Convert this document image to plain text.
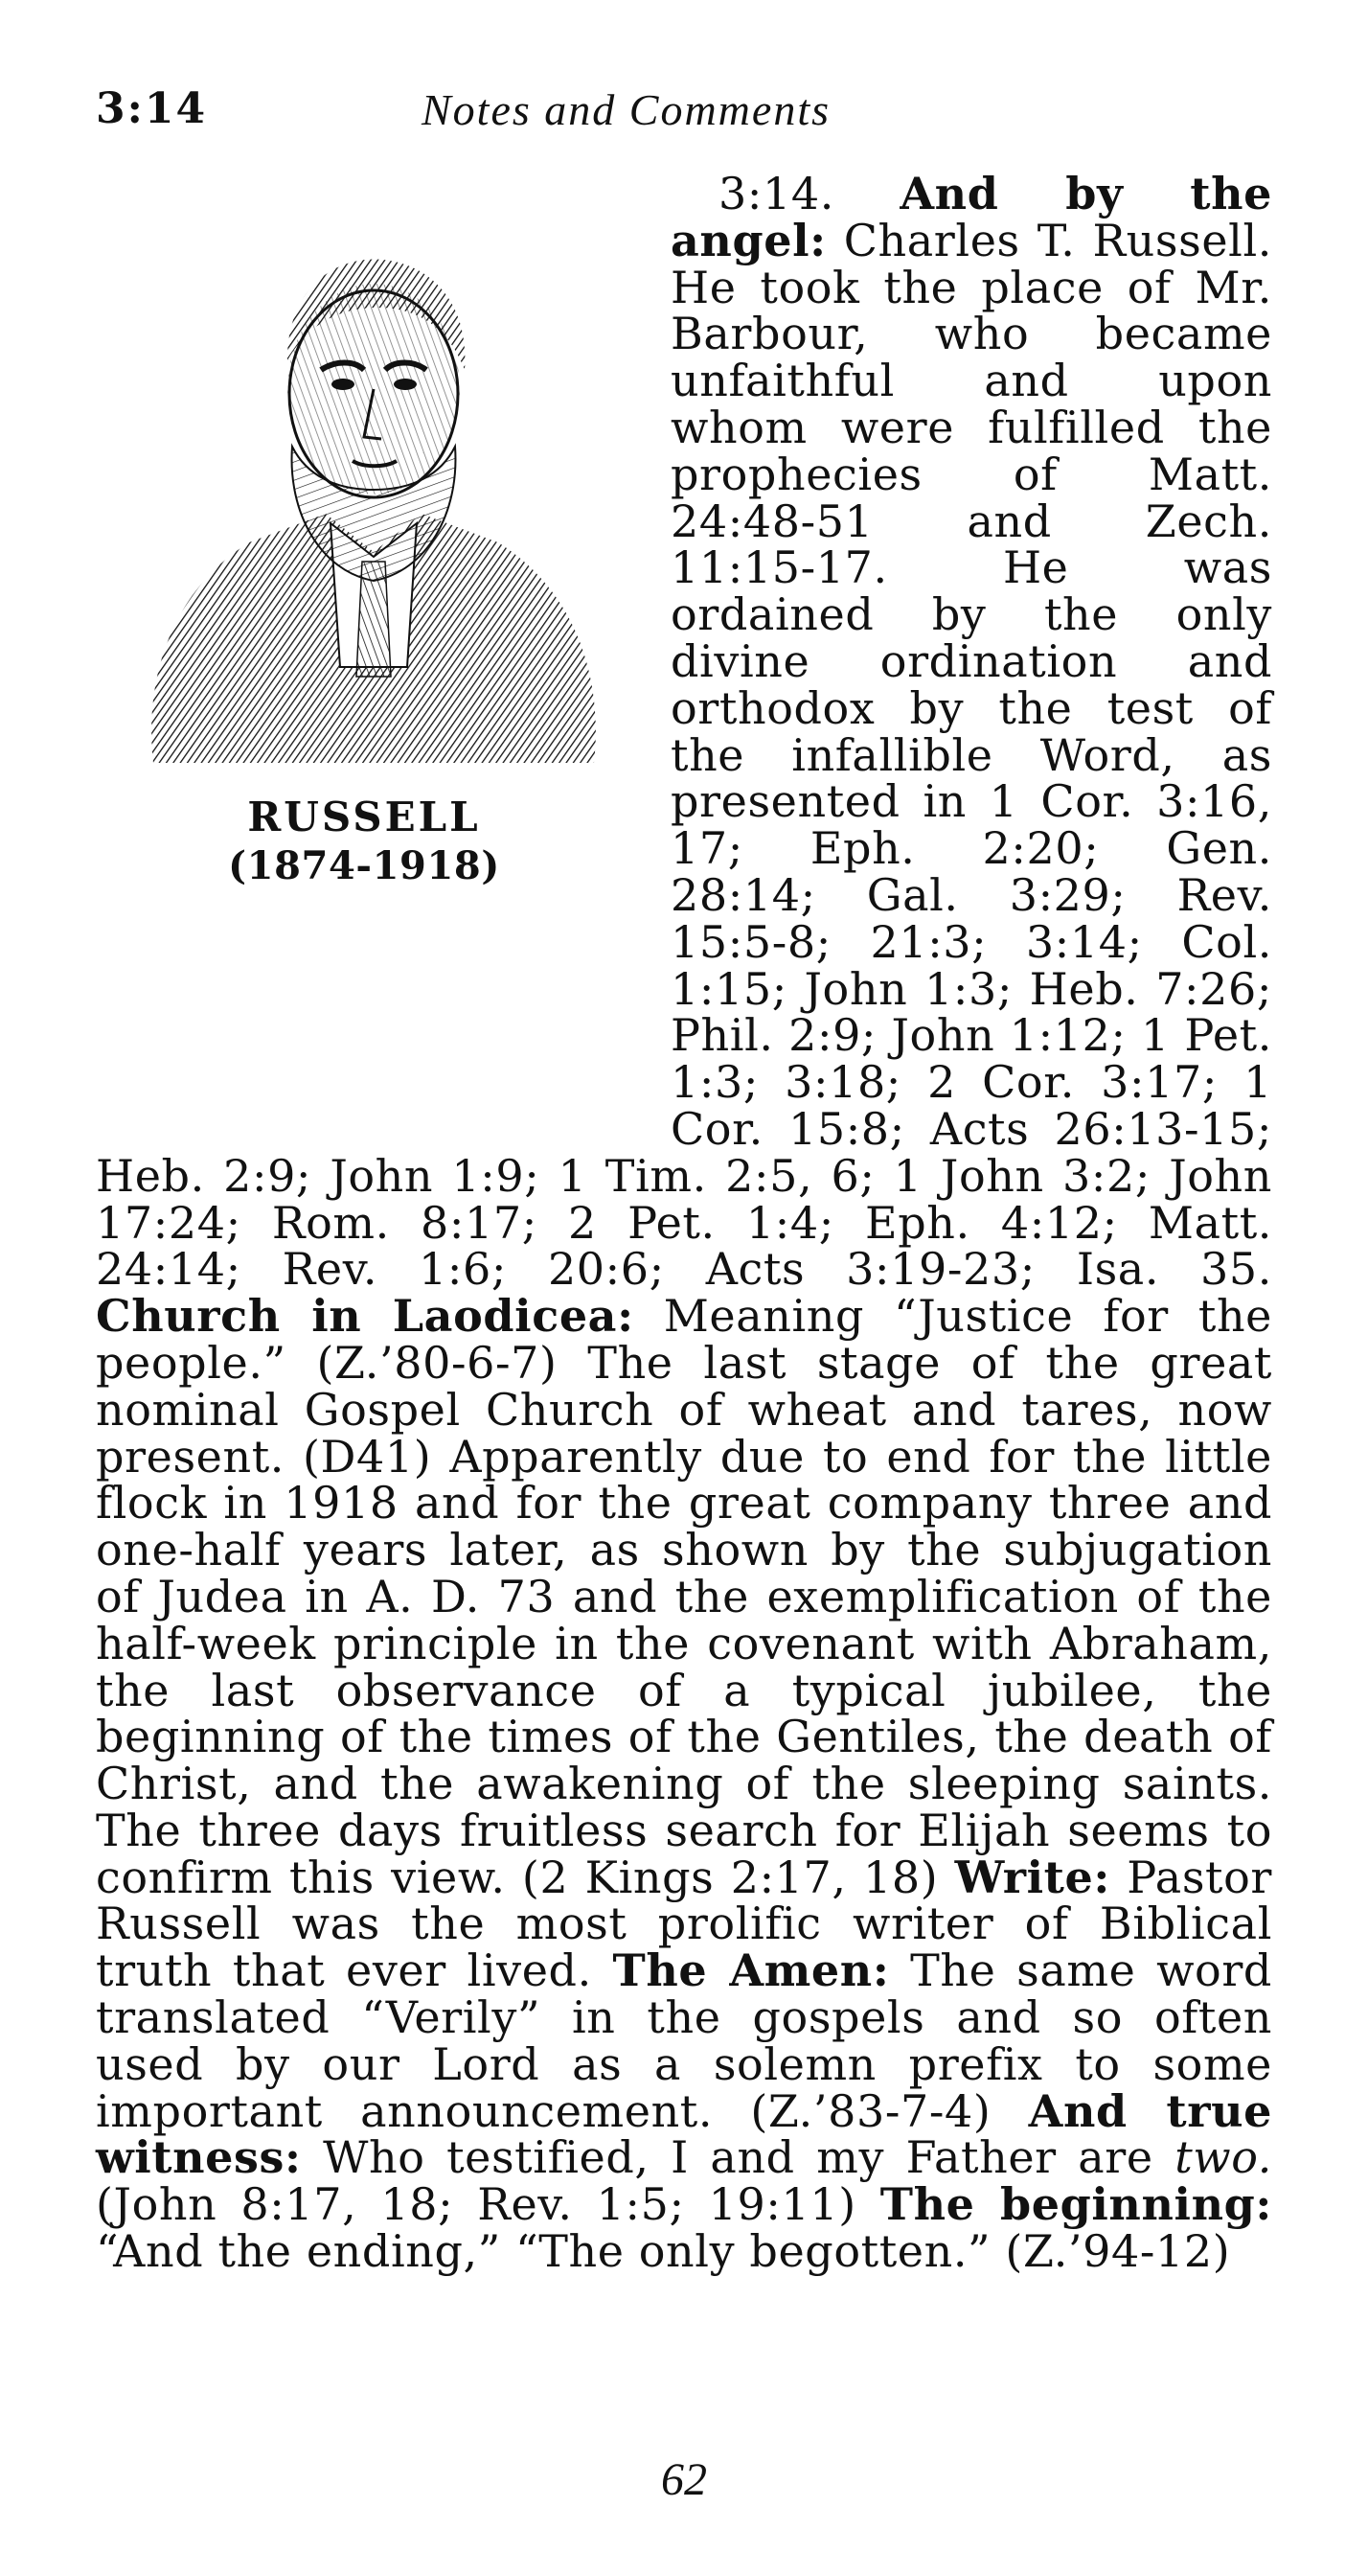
3:14	Notes and Comments
RUSSELL
(1874-1918)

3:14. And by the angel: Charles T. Russell. He took the place of Mr. Barbour, who became unfaithful and upon whom were fulfilled the prophecies of Matt. 24:48-51 and Zech. 11:15-17. He was ordained by the only divine ordination and orthodox by the test of the infallible Word, as presented in 1 Cor. 3:16, 17; Eph. 2:20; Gen. 28:14; Gal. 3:29; Rev. 15:5-8; 21:3; 3:14; Col. 1:15; John 1:3; Heb. 7:26; Phil. 2:9; John 1:12; 1 Pet. 1:3; 3:18; 2 Cor. 3:17; 1 Cor. 15:8; Acts 26:13-15; Heb. 2:9; John 1:9; 1 Tim. 2:5, 6; 1 John 3:2; John 17:24; Rom. 8:17; 2 Pet. 1:4; Eph. 4:12; Matt. 24:14; Rev. 1:6; 20:6; Acts 3:19-23; Isa. 35. Church in Laodicea: Meaning “Justice for the people.” (Z.’80-6-7) The last stage of the great nominal Gospel Church of wheat and tares, now present. (D41) Apparently due to end for the little flock in 1918 and for the great company three and one-half years later, as shown by the subjugation of Judea in A. D. 73 and the exemplification of the half-week principle in the covenant with Abraham, the last observance of a typical jubilee, the beginning of the times of the Gentiles, the death of Christ, and the awakening of the sleeping saints. The three days fruitless search for Elijah seems to confirm this view. (2 Kings 2:17, 18) Write: Pastor Russell was the most prolific writer of Biblical truth that ever lived. The Amen: The same word translated “Verily” in the gospels and so often used by our Lord as a solemn prefix to some important announcement. (Z.’83-7-4) And true witness: Who testified, I and my Father are two. (John 8:17, 18; Rev. 1:5; 19:11) The beginning: “And the ending,” “The only begotten.” (Z.’94-12)

62
